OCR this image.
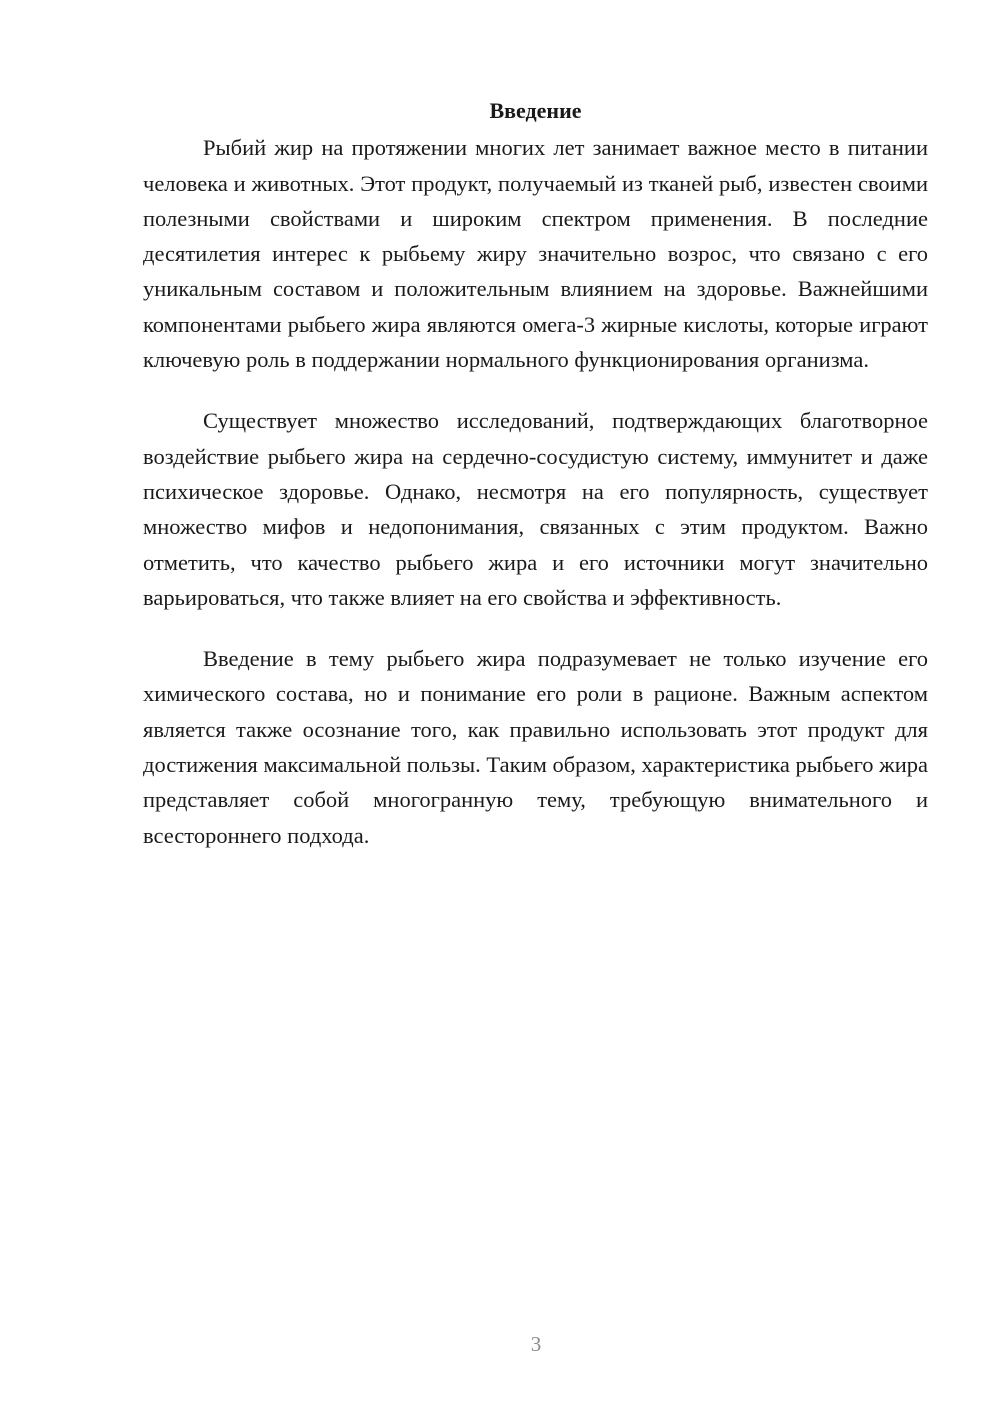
Введение

Рыбий жир на протяжении многих лет занимает важное место в питании человека и животных. Этот продукт, получаемый из тканей рыб, известен своими полезными свойствами и широким спектром применения. В последние десятилетия интерес к рыбьему жиру значительно возрос, что связано с его уникальным составом и положительным влиянием на здоровье. Важнейшими компонентами рыбьего жира являются омега-3 жирные кислоты, которые играют ключевую роль в поддержании нормального функционирования организма.

Существует множество исследований, подтверждающих благотворное воздействие рыбьего жира на сердечно-сосудистую систему, иммунитет и даже психическое здоровье. Однако, несмотря на его популярность, существует множество мифов и недопонимания, связанных с этим продуктом. Важно отметить, что качество рыбьего жира и его источники могут значительно варьироваться, что также влияет на его свойства и эффективность.

Введение в тему рыбьего жира подразумевает не только изучение его химического состава, но и понимание его роли в рационе. Важным аспектом является также осознание того, как правильно использовать этот продукт для достижения максимальной пользы. Таким образом, характеристика рыбьего жира представляет собой многогранную тему, требующую внимательного и всестороннего подхода.

3
